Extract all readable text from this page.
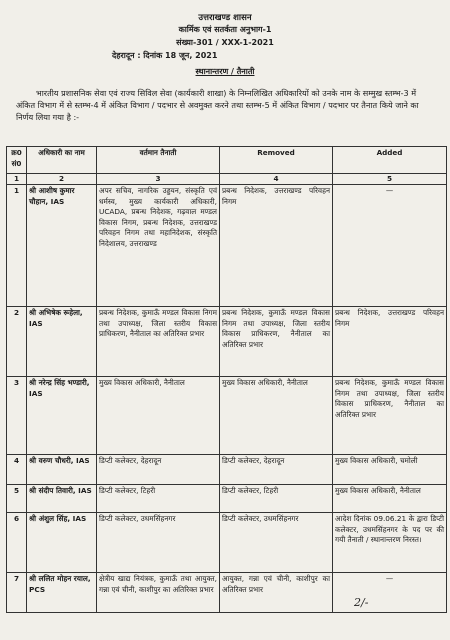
उत्तराखण्ड शासन
कार्मिक एवं सतर्कता अनुभाग-1
संख्या-301 / XXX-1-2021
देहरादून : दिनांक 18 जून, 2021
स्थानान्तरण / तैनाती
भारतीय प्रशासनिक सेवा एवं राज्य सिविल सेवा (कार्यकारी शाखा) के निम्नलिखित अधिकारियों को उनके नाम के सम्मुख स्तम्भ-3 में अंकित विभाग में से स्तम्भ-4 में अंकित विभाग / पदभार से अवमुक्त करने तथा स्तम्भ-5 में अंकित विभाग / पदभार पर तैनात किये जाने का निर्णय लिया गया है :-
क्र0 सं0	अधिकारी का नाम	वर्तमान तैनाती	Removed	Added
1	2	3	4	5
1	श्री आशीष कुमार चौहान, IAS	अपर सचिव, नागरिक उड्डयन, संस्कृति एवं धर्मस्व, मुख्य कार्यकारी अधिकारी, UCADA, प्रबन्ध निदेशक, गढ़वाल मण्डल विकास निगम, प्रबन्ध निदेशक, उत्तराखण्ड परिवहन निगम तथा महानिदेशक, संस्कृति निदेशालय, उत्तराखण्ड	प्रबन्ध निदेशक, उत्तराखण्ड परिवहन निगम	—
2	श्री अभिषेक रूहेला, IAS	प्रबन्ध निदेशक, कुमाऊँ मण्डल विकास निगम तथा उपाध्यक्ष, जिला स्तरीय विकास प्राधिकरण, नैनीताल का अतिरिक्त प्रभार	प्रबन्ध निदेशक, कुमाऊँ मण्डल विकास निगम तथा उपाध्यक्ष, जिला स्तरीय विकास प्राधिकरण, नैनीताल का अतिरिक्त प्रभार	प्रबन्ध निदेशक, उत्तराखण्ड परिवहन निगम
3	श्री नरेन्द्र सिंह भण्डारी, IAS	मुख्य विकास अधिकारी, नैनीताल	मुख्य विकास अधिकारी, नैनीताल	प्रबन्ध निदेशक, कुमाऊँ मण्डल विकास निगम तथा उपाध्यक्ष, जिला स्तरीय विकास प्राधिकरण, नैनीताल का अतिरिक्त प्रभार
4	श्री वरुण चौधरी, IAS	डिप्टी कलेक्टर, देहरादून	डिप्टी कलेक्टर, देहरादून	मुख्य विकास अधिकारी, चमोली
5	श्री संदीप तिवारी, IAS	डिप्टी कलेक्टर, टिहरी	डिप्टी कलेक्टर, टिहरी	मुख्य विकास अधिकारी, नैनीताल
6	श्री अंशुल सिंह, IAS	डिप्टी कलेक्टर, उधमसिंहनगर	डिप्टी कलेक्टर, उधमसिंहनगर	आदेश दिनांक 09.06.21 के द्वारा डिप्टी कलेक्टर, उधमसिंहनगर के पद पर की गयी तैनाती / स्थानान्तरण निरस्त।
7	श्री ललित मोहन रयाल, PCS	क्षेत्रीय खाद्य नियंत्रक, कुमाऊँ तथा आयुक्त, गन्ना एवं चीनी, काशीपुर का अतिरिक्त प्रभार	आयुक्त, गन्ना एवं चीनी, काशीपुर का अतिरिक्त प्रभार	—
2/-
